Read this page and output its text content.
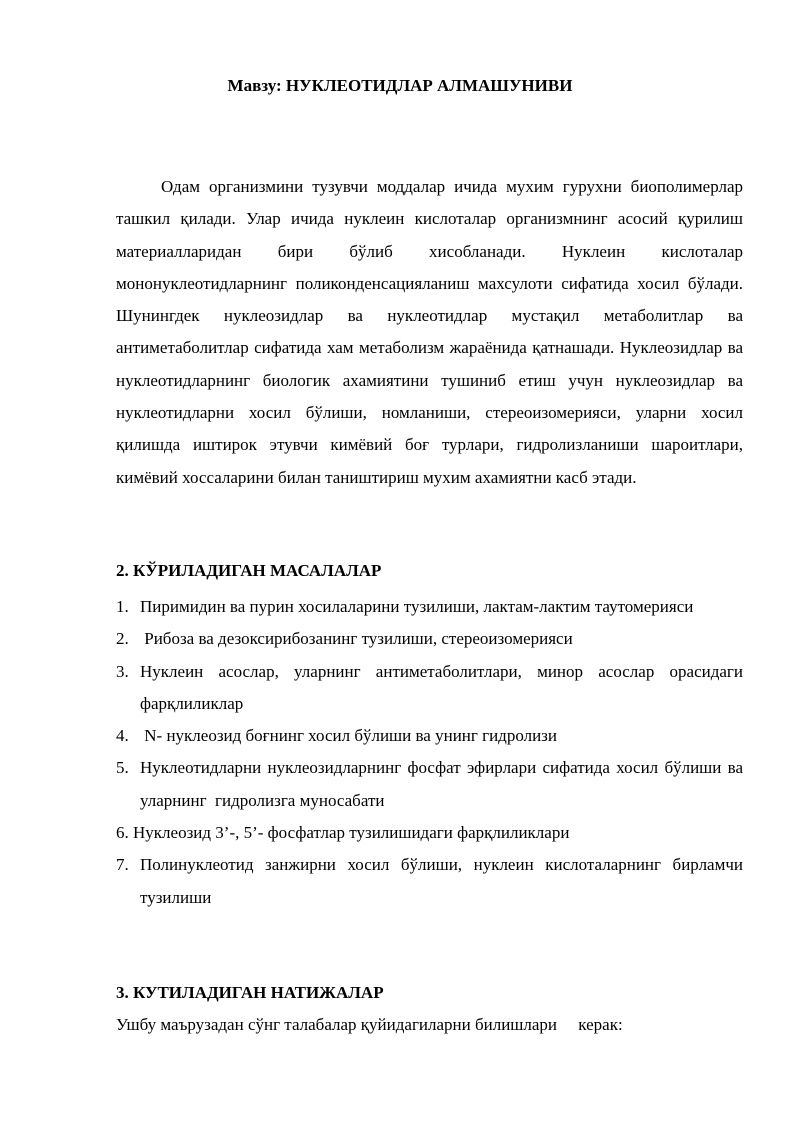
Мавзу: НУКЛЕОТИДЛАР АЛМАШУНИВИ

Одам организмини тузувчи моддалар ичида мухим гурухни биополимерлар ташкил қилади. Улар ичида нуклеин кислоталар организмнинг асосий қурилиш материалларидан бири бўлиб хисобланади. Нуклеин кислоталар мононуклеотидларнинг поликонденсацияланиш махсулоти сифатида хосил бўлади. Шунингдек нуклеозидлар ва нуклеотидлар мустақил метаболитлар ва антиметаболитлар сифатида хам метаболизм жараёнида қатнашади. Нуклеозидлар ва нуклеотидларнинг биологик ахамиятини тушиниб етиш учун нуклеозидлар ва нуклеотидларни хосил бўлиши, номланиши, стереоизомерияси, уларни хосил қилишда иштирок этувчи кимёвий боғ турлари, гидролизланиши шароитлари, кимёвий хоссаларини билан таништириш мухим ахамиятни касб этади.

2. КЎРИЛАДИГАН МАСАЛАЛАР
1. Пиримидин ва пурин хосилаларини тузилиши, лактам-лактим таутомерияси
2. Рибоза ва дезоксирибозанинг тузилиши, стереоизомерияси
3. Нуклеин асослар, уларнинг антиметаболитлари, минор асослар орасидаги фарқлиликлар
4. N- нуклеозид боғнинг хосил бўлиши ва унинг гидролизи
5. Нуклеотидларни нуклеозидларнинг фосфат эфирлари сифатида хосил бўлиши ва уларнинг  гидролизга муносабати
6. Нуклеозид 3’-, 5’- фосфатлар тузилишидаги фарқлиликлари
7. Полинуклеотид занжирни хосил бўлиши, нуклеин кислоталарнинг бирламчи тузилиши
3. КУТИЛАДИГАН НАТИЖАЛАР
Ушбу маърузадан сўнг талабалар қуйидагиларни билишлари     керак:
